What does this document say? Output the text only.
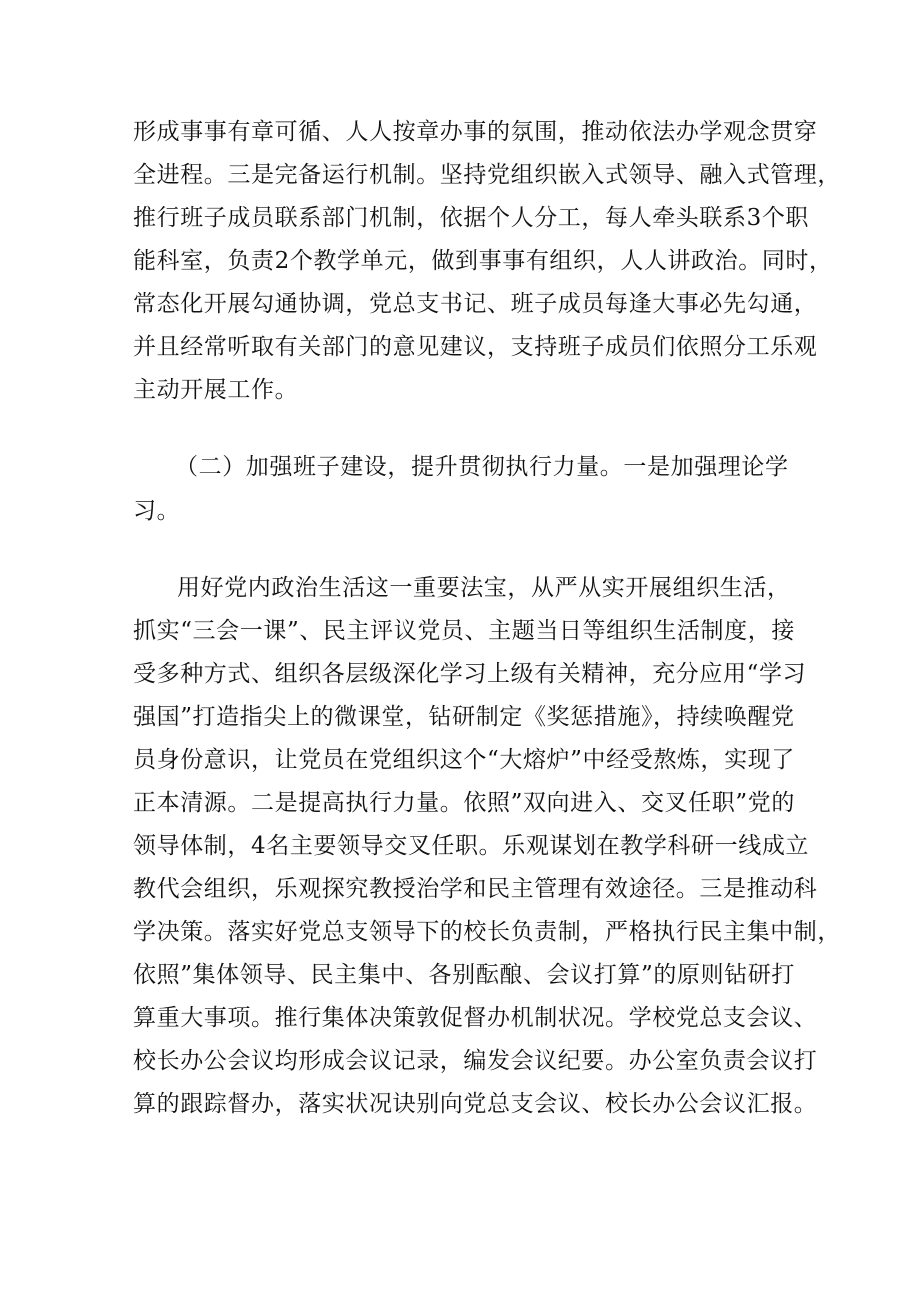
形成事事有章可循、人人按章办事的氛围，推动依法办学观念贯穿
全进程。三是完备运行机制。坚持党组织嵌入式领导、融入式管理，
推行班子成员联系部门机制，依据个人分工，每人牵头联系3个职
能科室，负责2个教学单元，做到事事有组织，人人讲政治。同时，
常态化开展勾通协调，党总支书记、班子成员每逢大事必先勾通，
并且经常听取有关部门的意见建议，支持班子成员们依照分工乐观
主动开展工作。
（二）加强班子建设，提升贯彻执行力量。一是加强理论学
习。
用好党内政治生活这一重要法宝，从严从实开展组织生活，
抓实“三会一课”、民主评议党员、主题当日等组织生活制度，接
受多种方式、组织各层级深化学习上级有关精神，充分应用“学习
强国”打造指尖上的微课堂，钻研制定《奖惩措施》，持续唤醒党
员身份意识，让党员在党组织这个“大熔炉”中经受熬炼，实现了
正本清源。二是提高执行力量。依照”双向进入、交叉任职”党的
领导体制，4名主要领导交叉任职。乐观谋划在教学科研一线成立
教代会组织，乐观探究教授治学和民主管理有效途径。三是推动科
学决策。落实好党总支领导下的校长负责制，严格执行民主集中制，
依照”集体领导、民主集中、各别酝酿、会议打算”的原则钻研打
算重大事项。推行集体决策敦促督办机制状况。学校党总支会议、
校长办公会议均形成会议记录，编发会议纪要。办公室负责会议打
算的跟踪督办，落实状况诀别向党总支会议、校长办公会议汇报。
